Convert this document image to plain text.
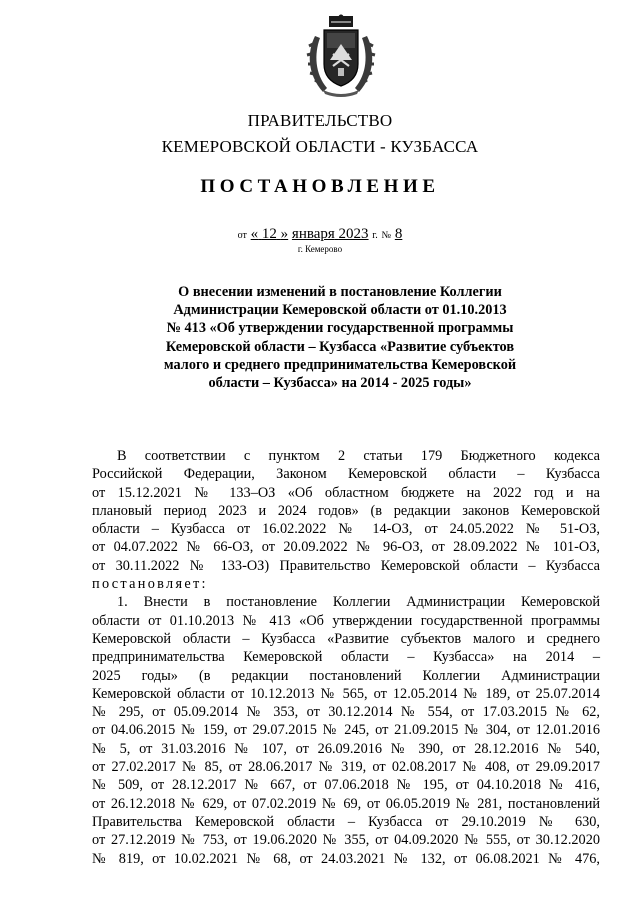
ПРАВИТЕЛЬСТВО
КЕМЕРОВСКОЙ ОБЛАСТИ - КУЗБАССА
ПОСТАНОВЛЕНИЕ
от « 12 » января 2023 г. № 8
г. Кемерово
О внесении изменений в постановление Коллегии
Администрации Кемеровской области от 01.10.2013
№ 413 «Об утверждении государственной программы
Кемеровской области – Кузбасса «Развитие субъектов
малого и среднего предпринимательства Кемеровской
области – Кузбасса» на 2014 - 2025 годы»
В соответствии с пунктом 2 статьи 179 Бюджетного кодекса
Российской Федерации, Законом Кемеровской области – Кузбасса
от 15.12.2021 № 133–ОЗ «Об областном бюджете на 2022 год и на
плановый период 2023 и 2024 годов» (в редакции законов Кемеровской
области – Кузбасса от 16.02.2022 № 14-ОЗ, от 24.05.2022 № 51-ОЗ,
от 04.07.2022 № 66-ОЗ, от 20.09.2022 № 96-ОЗ, от 28.09.2022 № 101-ОЗ,
от 30.11.2022 № 133-ОЗ) Правительство Кемеровской области – Кузбасса
постановляет:
1. Внести в постановление Коллегии Администрации Кемеровской
области от 01.10.2013 № 413 «Об утверждении государственной программы
Кемеровской области – Кузбасса «Развитие субъектов малого и среднего
предпринимательства Кемеровской области – Кузбасса» на 2014 –
2025 годы» (в редакции постановлений Коллегии Администрации
Кемеровской области от 10.12.2013 № 565, от 12.05.2014 № 189, от 25.07.2014
№ 295, от 05.09.2014 № 353, от 30.12.2014 № 554, от 17.03.2015 № 62,
от 04.06.2015 № 159, от 29.07.2015 № 245, от 21.09.2015 № 304, от 12.01.2016
№ 5, от 31.03.2016 № 107, от 26.09.2016 № 390, от 28.12.2016 № 540,
от 27.02.2017 № 85, от 28.06.2017 № 319, от 02.08.2017 № 408, от 29.09.2017
№ 509, от 28.12.2017 № 667, от 07.06.2018 № 195, от 04.10.2018 № 416,
от 26.12.2018 № 629, от 07.02.2019 № 69, от 06.05.2019 № 281, постановлений
Правительства Кемеровской области – Кузбасса от 29.10.2019 № 630,
от 27.12.2019 № 753, от 19.06.2020 № 355, от 04.09.2020 № 555, от 30.12.2020
№ 819, от 10.02.2021 № 68, от 24.03.2021 № 132, от 06.08.2021 № 476,
